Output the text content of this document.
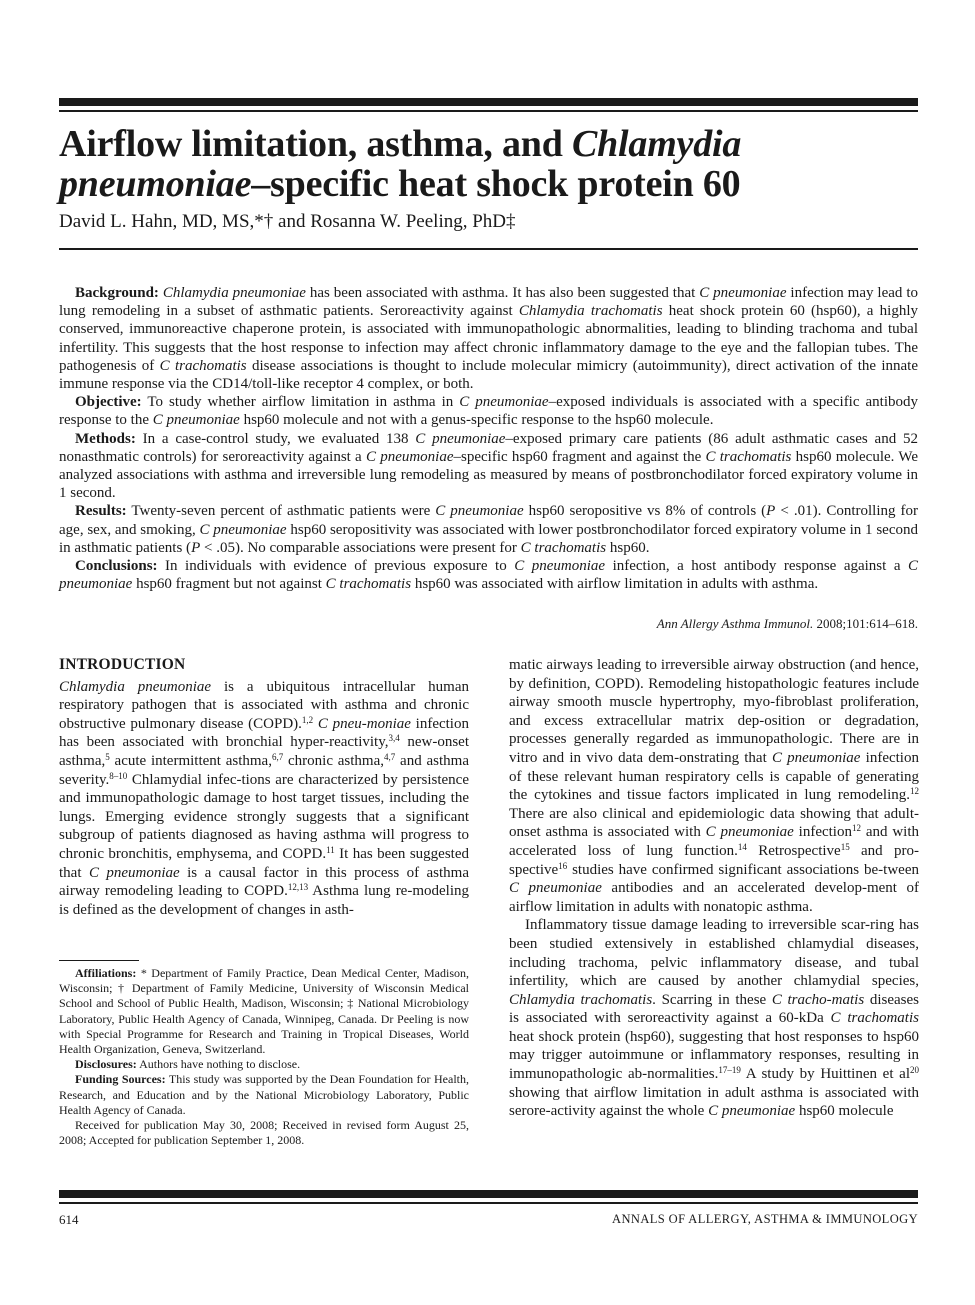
Airflow limitation, asthma, and Chlamydia pneumoniae–specific heat shock protein 60
David L. Hahn, MD, MS,*† and Rosanna W. Peeling, PhD‡

Background: Chlamydia pneumoniae has been associated with asthma. It has also been suggested that C pneumoniae infection may lead to lung remodeling in a subset of asthmatic patients. Seroreactivity against Chlamydia trachomatis heat shock protein 60 (hsp60), a highly conserved, immunoreactive chaperone protein, is associated with immunopathologic abnormalities, leading to blinding trachoma and tubal infertility. This suggests that the host response to infection may affect chronic inflammatory damage to the eye and the fallopian tubes. The pathogenesis of C trachomatis disease associations is thought to include molecular mimicry (autoimmunity), direct activation of the innate immune response via the CD14/toll-like receptor 4 complex, or both.

Objective: To study whether airflow limitation in asthma in C pneumoniae–exposed individuals is associated with a specific antibody response to the C pneumoniae hsp60 molecule and not with a genus-specific response to the hsp60 molecule.

Methods: In a case-control study, we evaluated 138 C pneumoniae–exposed primary care patients (86 adult asthmatic cases and 52 nonasthmatic controls) for seroreactivity against a C pneumoniae–specific hsp60 fragment and against the C trachomatis hsp60 molecule. We analyzed associations with asthma and irreversible lung remodeling as measured by means of postbronchodilator forced expiratory volume in 1 second.

Results: Twenty-seven percent of asthmatic patients were C pneumoniae hsp60 seropositive vs 8% of controls (P < .01). Controlling for age, sex, and smoking, C pneumoniae hsp60 seropositivity was associated with lower postbronchodilator forced expiratory volume in 1 second in asthmatic patients (P < .05). No comparable associations were present for C trachomatis hsp60.

Conclusions: In individuals with evidence of previous exposure to C pneumoniae infection, a host antibody response against a C pneumoniae hsp60 fragment but not against C trachomatis hsp60 was associated with airflow limitation in adults with asthma.

Ann Allergy Asthma Immunol. 2008;101:614–618.
INTRODUCTION

Chlamydia pneumoniae is a ubiquitous intracellular human respiratory pathogen that is associated with asthma and chronic obstructive pulmonary disease (COPD).$^{1,2}$ C pneu-moniae infection has been associated with bronchial hyper-reactivity,$^{3,4}$ new-onset asthma,$^5$ acute intermittent asthma,$^{6,7}$ chronic asthma,$^{4,7}$ and asthma severity.$^{8-10}$ Chlamydial infec-tions are characterized by persistence and immunopathologic damage to host target tissues, including the lungs. Emerging evidence strongly suggests that a significant subgroup of patients diagnosed as having asthma will progress to chronic bronchitis, emphysema, and COPD.$^{11}$ It has been suggested that C pneumoniae is a causal factor in this process of asthma airway remodeling leading to COPD.$^{12,13}$ Asthma lung re-modeling is defined as the development of changes in asth-

Affiliations: * Department of Family Practice, Dean Medical Center, Madison, Wisconsin; † Department of Family Medicine, University of Wisconsin Medical School and School of Public Health, Madison, Wisconsin; ‡ National Microbiology Laboratory, Public Health Agency of Canada, Winnipeg, Canada. Dr Peeling is now with Special Programme for Research and Training in Tropical Diseases, World Health Organization, Geneva, Switzerland.

Disclosures: Authors have nothing to disclose.

Funding Sources: This study was supported by the Dean Foundation for Health, Research, and Education and by the National Microbiology Laboratory, Public Health Agency of Canada.

Received for publication May 30, 2008; Received in revised form August 25, 2008; Accepted for publication September 1, 2008.

matic airways leading to irreversible airway obstruction (and hence, by definition, COPD). Remodeling histopathologic features include airway smooth muscle hypertrophy, myo-fibroblast proliferation, and excess extracellular matrix dep-osition or degradation, processes generally regarded as immunopathologic. There are in vitro and in vivo data dem-onstrating that C pneumoniae infection of these relevant human respiratory cells is capable of generating the cytokines and tissue factors implicated in lung remodeling.$^{12}$ There are also clinical and epidemiologic data showing that adult-onset asthma is associated with C pneumoniae infection$^{12}$ and with accelerated loss of lung function.$^{14}$ Retrospective$^{15}$ and pro-spective$^{16}$ studies have confirmed significant associations be-tween C pneumoniae antibodies and an accelerated develop-ment of airflow limitation in adults with nonatopic asthma.

Inflammatory tissue damage leading to irreversible scar-ring has been studied extensively in established chlamydial diseases, including trachoma, pelvic inflammatory disease, and tubal infertility, which are caused by another chlamydial species, Chlamydia trachomatis. Scarring in these C tracho-matis diseases is associated with seroreactivity against a 60-kDa C trachomatis heat shock protein (hsp60), suggesting that host responses to hsp60 may trigger autoimmune or inflammatory responses, resulting in immunopathologic ab-normalities.$^{17-19}$ A study by Huittinen et $al^{20}$ showing that airflow limitation in adult asthma is associated with serore-activity against the whole C pneumoniae hsp60 molecule

614	ANNALS OF ALLERGY, ASTHMA & IMMUNOLOGY
